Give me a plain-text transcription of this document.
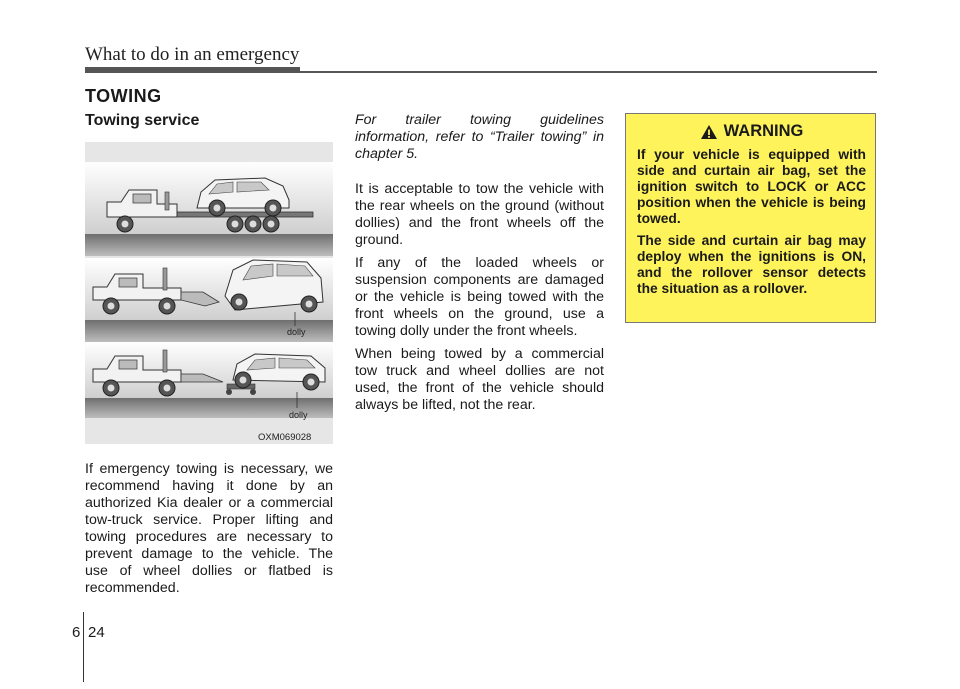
What to do in an emergency
TOWING
Towing service
dolly
dolly
OXM069028
If emergency towing is necessary, we recommend having it done by an authorized Kia dealer or a commercial tow-truck service. Proper lifting and towing procedures are necessary to prevent damage to the vehicle. The use of wheel dollies or flatbed is recommended.

For trailer towing guidelines information, refer to “Trailer towing” in chapter 5.

It is acceptable to tow the vehicle with the rear wheels on the ground (without dollies) and the front wheels off the ground.

If any of the loaded wheels or suspension components are damaged or the vehicle is being towed with the front wheels on the ground, use a towing dolly under the front wheels.

When being towed by a commercial tow truck and wheel dollies are not used, the front of the vehicle should always be lifted, not the rear.

WARNING

If your vehicle is equipped with side and curtain air bag, set the ignition switch to LOCK or ACC position when the vehicle is being towed.

The side and curtain air bag may deploy when the ignitions is ON, and the rollover sensor detects the situation as a rollover.

6 24
